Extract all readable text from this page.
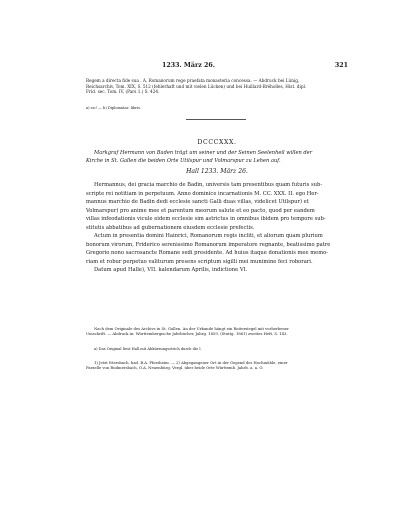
1233. März 26.	321
Regem a directa fide sua . A. Romanorum rege praefata monasteria concessa. — Abdruck bei Lünig,
Reichsarchiv, Tom. XIX, S. 512 (fehlerhaft und mit vielen Lücken) und bei Huillard-Bréholles, Hist. dipl.
Frid. sec. Tom. IV, (Pars 1.) S. 424.
a) sic! — b) Diplomatar: libris.
DCCCXXX.
Markgraf Hermann von Baden trägt um seiner und der Seinen Seelenheil willen der
Kirche in St. Gallen die beiden Orte Utilspur und Volmarspur zu Lehen auf.
Hall 1233. März 26.
Hermannus, dei gracia marchio de Badin, universis tam presentibus quam futuris sub-
scripte rei notitiam in perpetuum. Anno dominice incarnationis M. CC. XXX. II. ego Her-
mannus marchio de Badin dedi ecclesie sancti Galli duas villas, videlicet Utilspur) et
Volmarspur) pro anime mee et parentum meorum salute et eo pacto, quod per eandem
villas infeodationis vicule eidem ecclesie sim astrictus in omnibus ibidem pro tempore sub-
stitutis abbatibus ad gubernationem eiusdem ecclesie prefectis.
Actum in presentia domini Hainrici, Romanorum regis incliti, et aliorum quam plurium
bonorum virorum, Friderico serenissimo Romanorum imperatore regnante, beatissimo patre
Gregorio nono sacrosancte Romane sedi presidente. Ad huius itaque donationis mee memo-
riam et robur perpetuo valiturum presens scriptum sigilli mei munimine feci roborari.
Datum apud Halle), VII. kalendarum Aprilis, indictione VI.
Nach dem Originale des Archivs in St. Gallen. An der Urkunde hängt ein Reitersiegel mit vorherbener
Umschrift. — Abdruck in: Württembergische Jahrbücher, Jahrg. 1859, (Stuttg. 1861) zweites Heft, S. 143.
a) Das Original liest Hall mit Abkürzungsstrich durch die l.
1) Jetzt Ittersbach, bad. B.A. Pforzheim. — 2) Abgegangener Ort in der Gegend der Hochmühle, einer
Parzelle von Rudmersbach, O.A. Neuenbürg. Vergl. über beide Orte Württemb. Jahrb. a. a. O.
